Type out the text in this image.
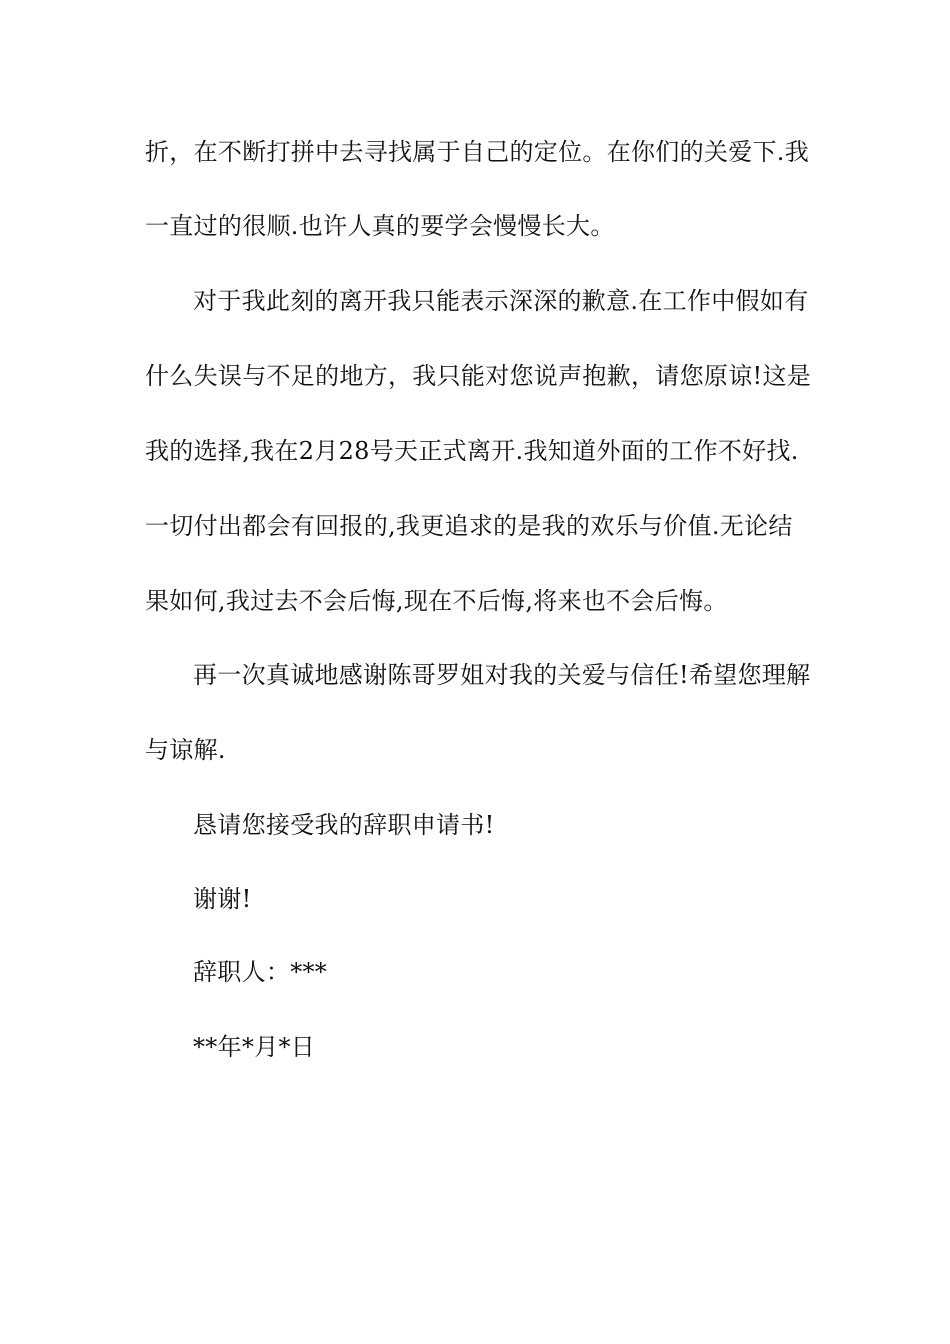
折，在不断打拼中去寻找属于自己的定位。在你们的关爱下.我
一直过的很顺.也许人真的要学会慢慢长大。
对于我此刻的离开我只能表示深深的歉意.在工作中假如有
什么失误与不足的地方，我只能对您说声抱歉，请您原谅!这是
我的选择,我在2月28号天正式离开.我知道外面的工作不好找.
一切付出都会有回报的,我更追求的是我的欢乐与价值.无论结
果如何,我过去不会后悔,现在不后悔,将来也不会后悔。
再一次真诚地感谢陈哥罗姐对我的关爱与信任!希望您理解
与谅解.
恳请您接受我的辞职申请书!
谢谢!
辞职人：***
**年*月*日
